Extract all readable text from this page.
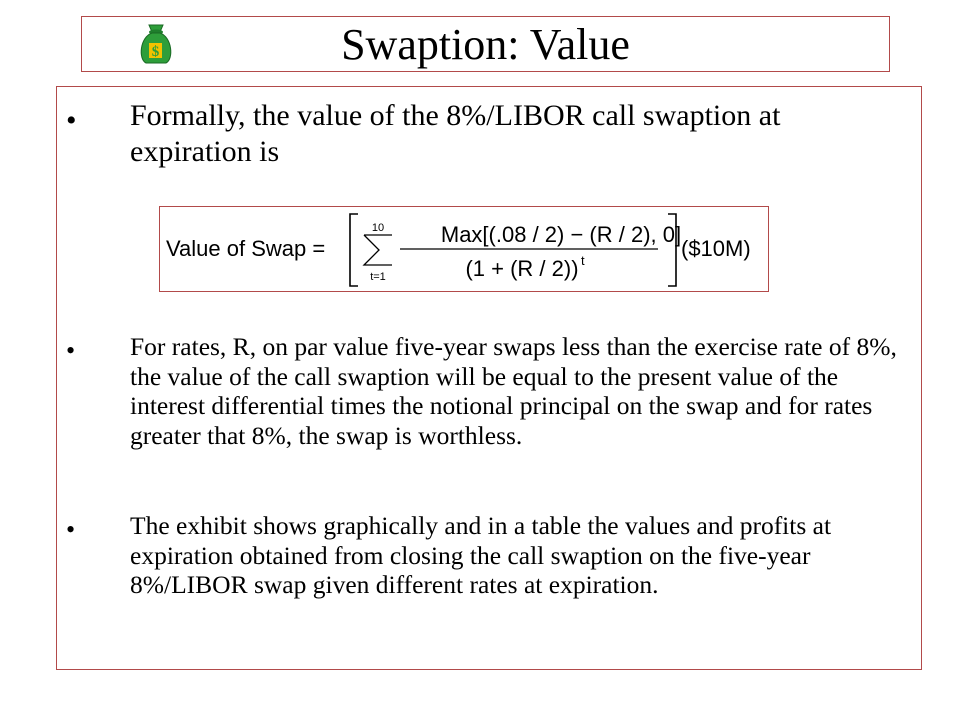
Swaption: Value
$
• Formally, the value of the 8%/LIBOR call swaption at expiration is
Value of Swap =
10
t=1
Max[(.08 / 2) − (R / 2), 0]
(1 + (R / 2)) t	($10M)
• For rates, R, on par value five-year swaps less than the exercise rate of 8%, the value of the call swaption will be equal to the present value of the interest differential times the notional principal on the swap and for rates greater that 8%, the swap is worthless.
• The exhibit shows graphically and in a table the values and profits at expiration obtained from closing the call swaption on the five-year 8%/LIBOR swap given different rates at expiration.
